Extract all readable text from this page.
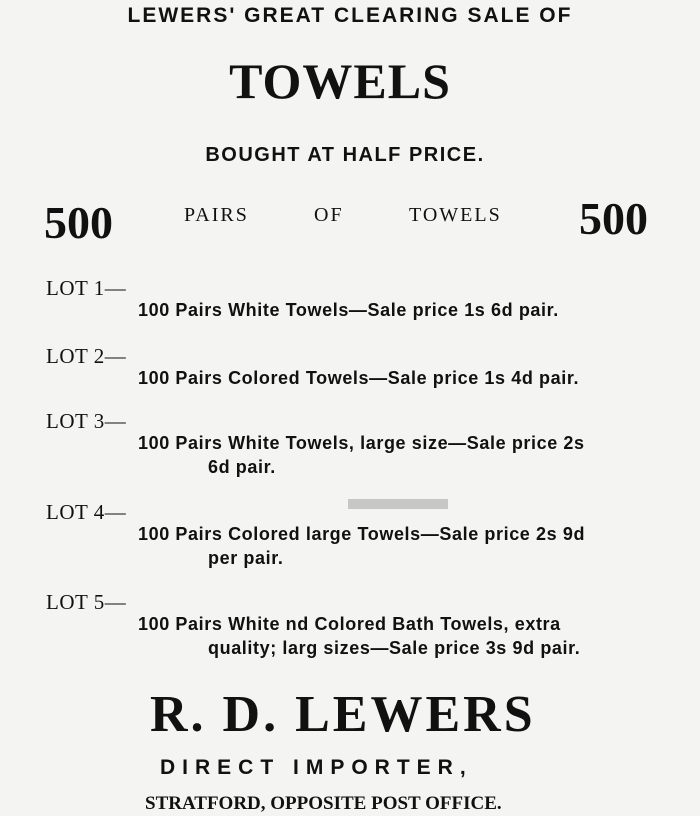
LEWERS' GREAT CLEARING SALE OF
TOWELS
BOUGHT AT HALF PRICE.
500	PAIRS	OF	TOWELS 500
LOT 1—
100 Pairs White Towels—Sale price 1s 6d pair.
LOT 2—
100 Pairs Colored Towels—Sale price 1s 4d pair.
LOT 3—
100 Pairs White Towels, large size—Sale price 2s
6d pair.
LOT 4—
100 Pairs Colored large Towels—Sale price 2s 9d
per pair.
LOT 5—
100 Pairs White nd Colored Bath Towels, extra
quality; larg sizes—Sale price 3s 9d pair.
R. D. LEWERS
DIRECT IMPORTER,
STRATFORD, OPPOSITE POST OFFICE.
